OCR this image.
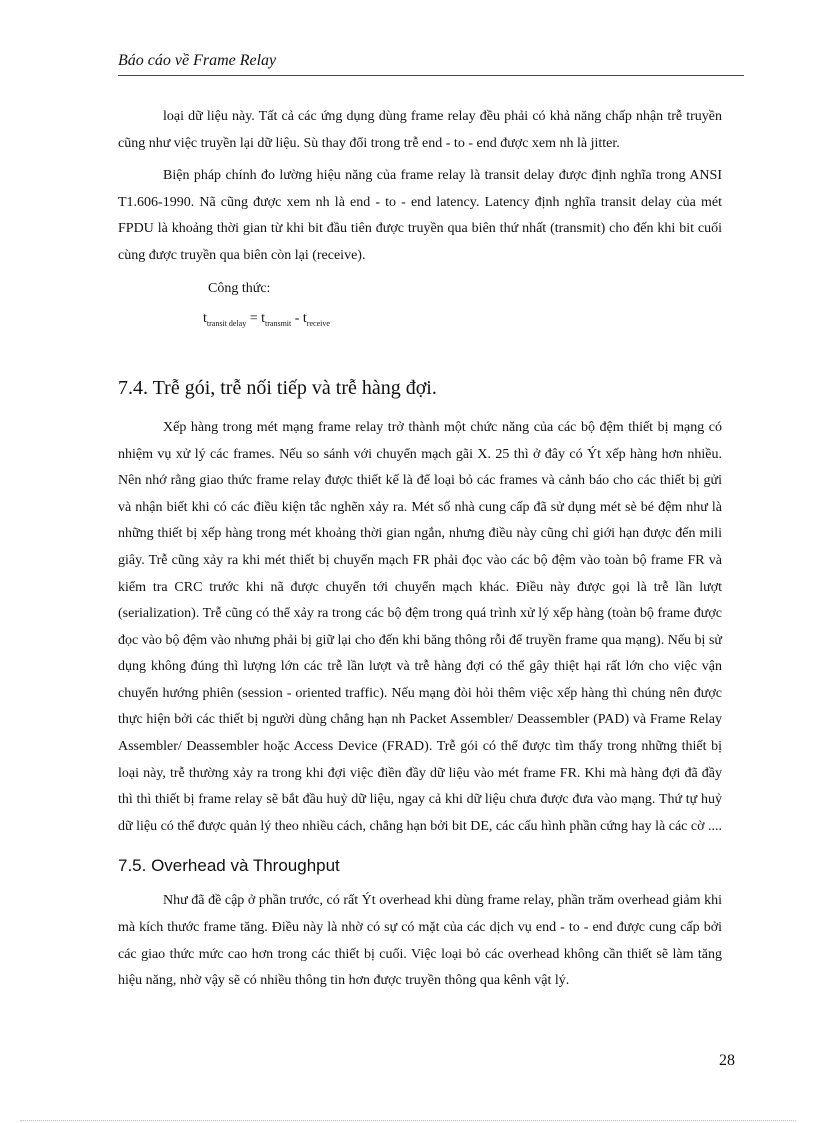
Báo cáo về Frame Relay

loại dữ liệu này. Tất cả các ứng dụng dùng frame relay đều phải có khả năng chấp nhận trễ truyền cũng như việc truyền lại dữ liệu. Sù thay đổi trong trễ end - to - end được xem nh là jitter.

Biện pháp chính đo lường hiệu năng của frame relay là transit delay được định nghĩa trong ANSI T1.606-1990. Nã cũng được xem nh là end - to - end latency. Latency định nghĩa transit delay của mét FPDU là khoảng thời gian từ khi bit đầu tiên được truyền qua biên thứ nhất (transmit) cho đến khi bit cuối cùng được truyền qua biên còn lại (receive).

Công thức:

$t_{transit delay} = t_{transmit} - t_{receive}$
7.4. Trễ gói, trễ nối tiếp và trễ hàng đợi.

Xếp hàng trong mét mạng frame relay trở thành một chức năng của các bộ đệm thiết bị mạng có nhiệm vụ xử lý các frames. Nếu so sánh với chuyển mạch gãi X. 25 thì ở đây có Ýt xếp hàng hơn nhiều. Nên nhớ rằng giao thức frame relay được thiết kế là để loại bỏ các frames và cảnh báo cho các thiết bị gửi và nhận biết khi có các điều kiện tắc nghẽn xảy ra. Mét số nhà cung cấp đã sử dụng mét sè bé đệm như là những thiết bị xếp hàng trong mét khoảng thời gian ngắn, nhưng điều này cũng chỉ giới hạn được đến mili giây. Trễ cũng xảy ra khi mét thiết bị chuyển mạch FR phải đọc vào các bộ đệm vào toàn bộ frame FR và kiểm tra CRC trước khi nã được chuyển tới chuyển mạch khác. Điều này được gọi là trễ lần lượt (serialization). Trễ cũng có thể xảy ra trong các bộ đệm trong quá trình xử lý xếp hàng (toàn bộ frame được đọc vào bộ đệm vào nhưng phải bị giữ lại cho đến khi băng thông rỗi để truyền frame qua mạng). Nếu bị sử dụng không đúng thì lượng lớn các trễ lần lượt và trễ hàng đợi có thể gây thiệt hại rất lớn cho việc vận chuyển hướng phiên (session - oriented traffic). Nếu mạng đòi hỏi thêm việc xếp hàng thì chúng nên được thực hiện bởi các thiết bị người dùng chẳng hạn nh Packet Assembler/ Deassembler (PAD) và Frame Relay Assembler/ Deassembler hoặc Access Device (FRAD). Trễ gói có thể được tìm thấy trong những thiết bị loại này, trễ thường xảy ra trong khi đợi việc điền đầy dữ liệu vào mét frame FR. Khi mà hàng đợi đã đầy thì thì thiết bị frame relay sẽ bắt đầu huỷ dữ liệu, ngay cả khi dữ liệu chưa được đưa vào mạng. Thứ tự huỷ dữ liệu có thể được quản lý theo nhiều cách, chẳng hạn bởi bit DE, các cấu hình phần cứng hay là các cờ ....

7.5. Overhead và Throughput

Như đã đề cập ở phần trước, có rất Ýt overhead khi dùng frame relay, phần trăm overhead giảm khi mà kích thước frame tăng. Điều này là nhờ có sự có mặt của các dịch vụ end - to - end được cung cấp bởi các giao thức mức cao hơn trong các thiết bị cuối. Việc loại bỏ các overhead không cần thiết sẽ làm tăng hiệu năng, nhờ vậy sẽ có nhiều thông tin hơn được truyền thông qua kênh vật lý.

28
